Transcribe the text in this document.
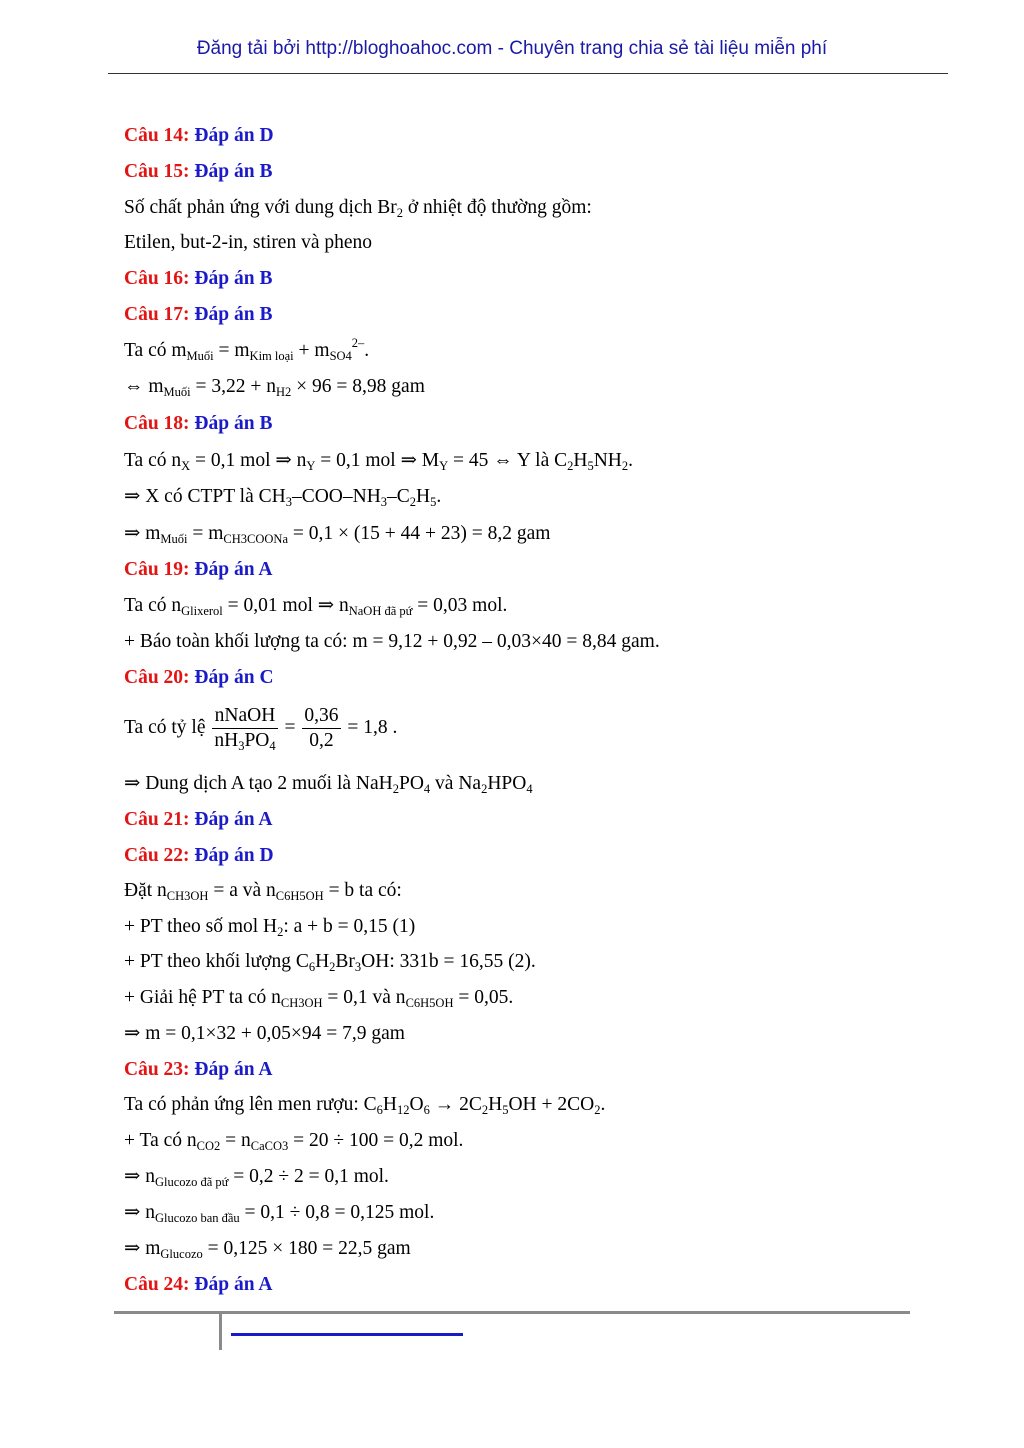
Đăng tải bởi http://bloghoahoc.com - Chuyên trang chia sẻ tài liệu miễn phí
Câu 14: Đáp án D
Câu 15: Đáp án B
Số chất phản ứng với dung dịch $Br_2$ ở nhiệt độ thường gồm:
Etilen, but-2-in, stiren và pheno
Câu 16: Đáp án B
Câu 17: Đáp án B
Ta có $m_{Muối} = m_{Kim loại} + m_{SO4}^{2-}$.
⇔ $m_{Muối} = 3,22 + n_{H2} \times 96 = 8,98$ gam
Câu 18: Đáp án B
Ta có $n_X = 0,1$ mol ⇒ $n_Y = 0,1$ mol ⇒ $M_Y = 45$ ⇔ Y là $C_2H_5NH_2$.
⇒ X có CTPT là $CH_3-COO-NH_3-C_2H_5$.
⇒ $m_{Muối} = m_{CH3COONa} = 0,1 \times (15 + 44 + 23) = 8,2$ gam
Câu 19: Đáp án A
Ta có $n_{Glixerol} = 0,01$ mol ⇒ $n_{NaOH đã pứ} = 0,03$ mol.
+ Báo toàn khối lượng ta có: m = 9,12 + 0,92 – 0,03×40 = 8,84 gam.
Câu 20: Đáp án C
Ta có tỷ lệ $\frac{\text{nNaOH}}{nH_3PO_4} = \frac{0,36}{0,2} = 1,8$ .
⇒ Dung dịch A tạo 2 muối là $NaH_2PO_4$ và $Na_2HPO_4$
Câu 21: Đáp án A
Câu 22: Đáp án D
Đặt $n_{CH3OH} = a$ và $n_{C6H5OH} = b$ ta có:
+ PT theo số mol $H_2$: a + b = 0,15 (1)
+ PT theo khối lượng $C_6H_2Br_3OH$: 331b = 16,55 (2).
+ Giải hệ PT ta có $n_{CH3OH} = 0,1$ và $n_{C6H5OH} = 0,05$.
⇒ m = 0,1×32 + 0,05×94 = 7,9 gam
Câu 23: Đáp án A
Ta có phản ứng lên men rượu: $C_6H_{12}O_6 \to 2C_2H_5OH + 2CO_2$.
+ Ta có $n_{CO2} = n_{CaCO3} = 20 \div 100 = 0,2$ mol.
⇒ $n_{Glucozo đã pứ} = 0,2 \div 2 = 0,1$ mol.
⇒ $n_{Glucozo ban đầu} = 0,1 \div 0,8 = 0,125$ mol.
⇒ $m_{Glucozo} = 0,125 \times 180 = 22,5$ gam
Câu 24: Đáp án A
